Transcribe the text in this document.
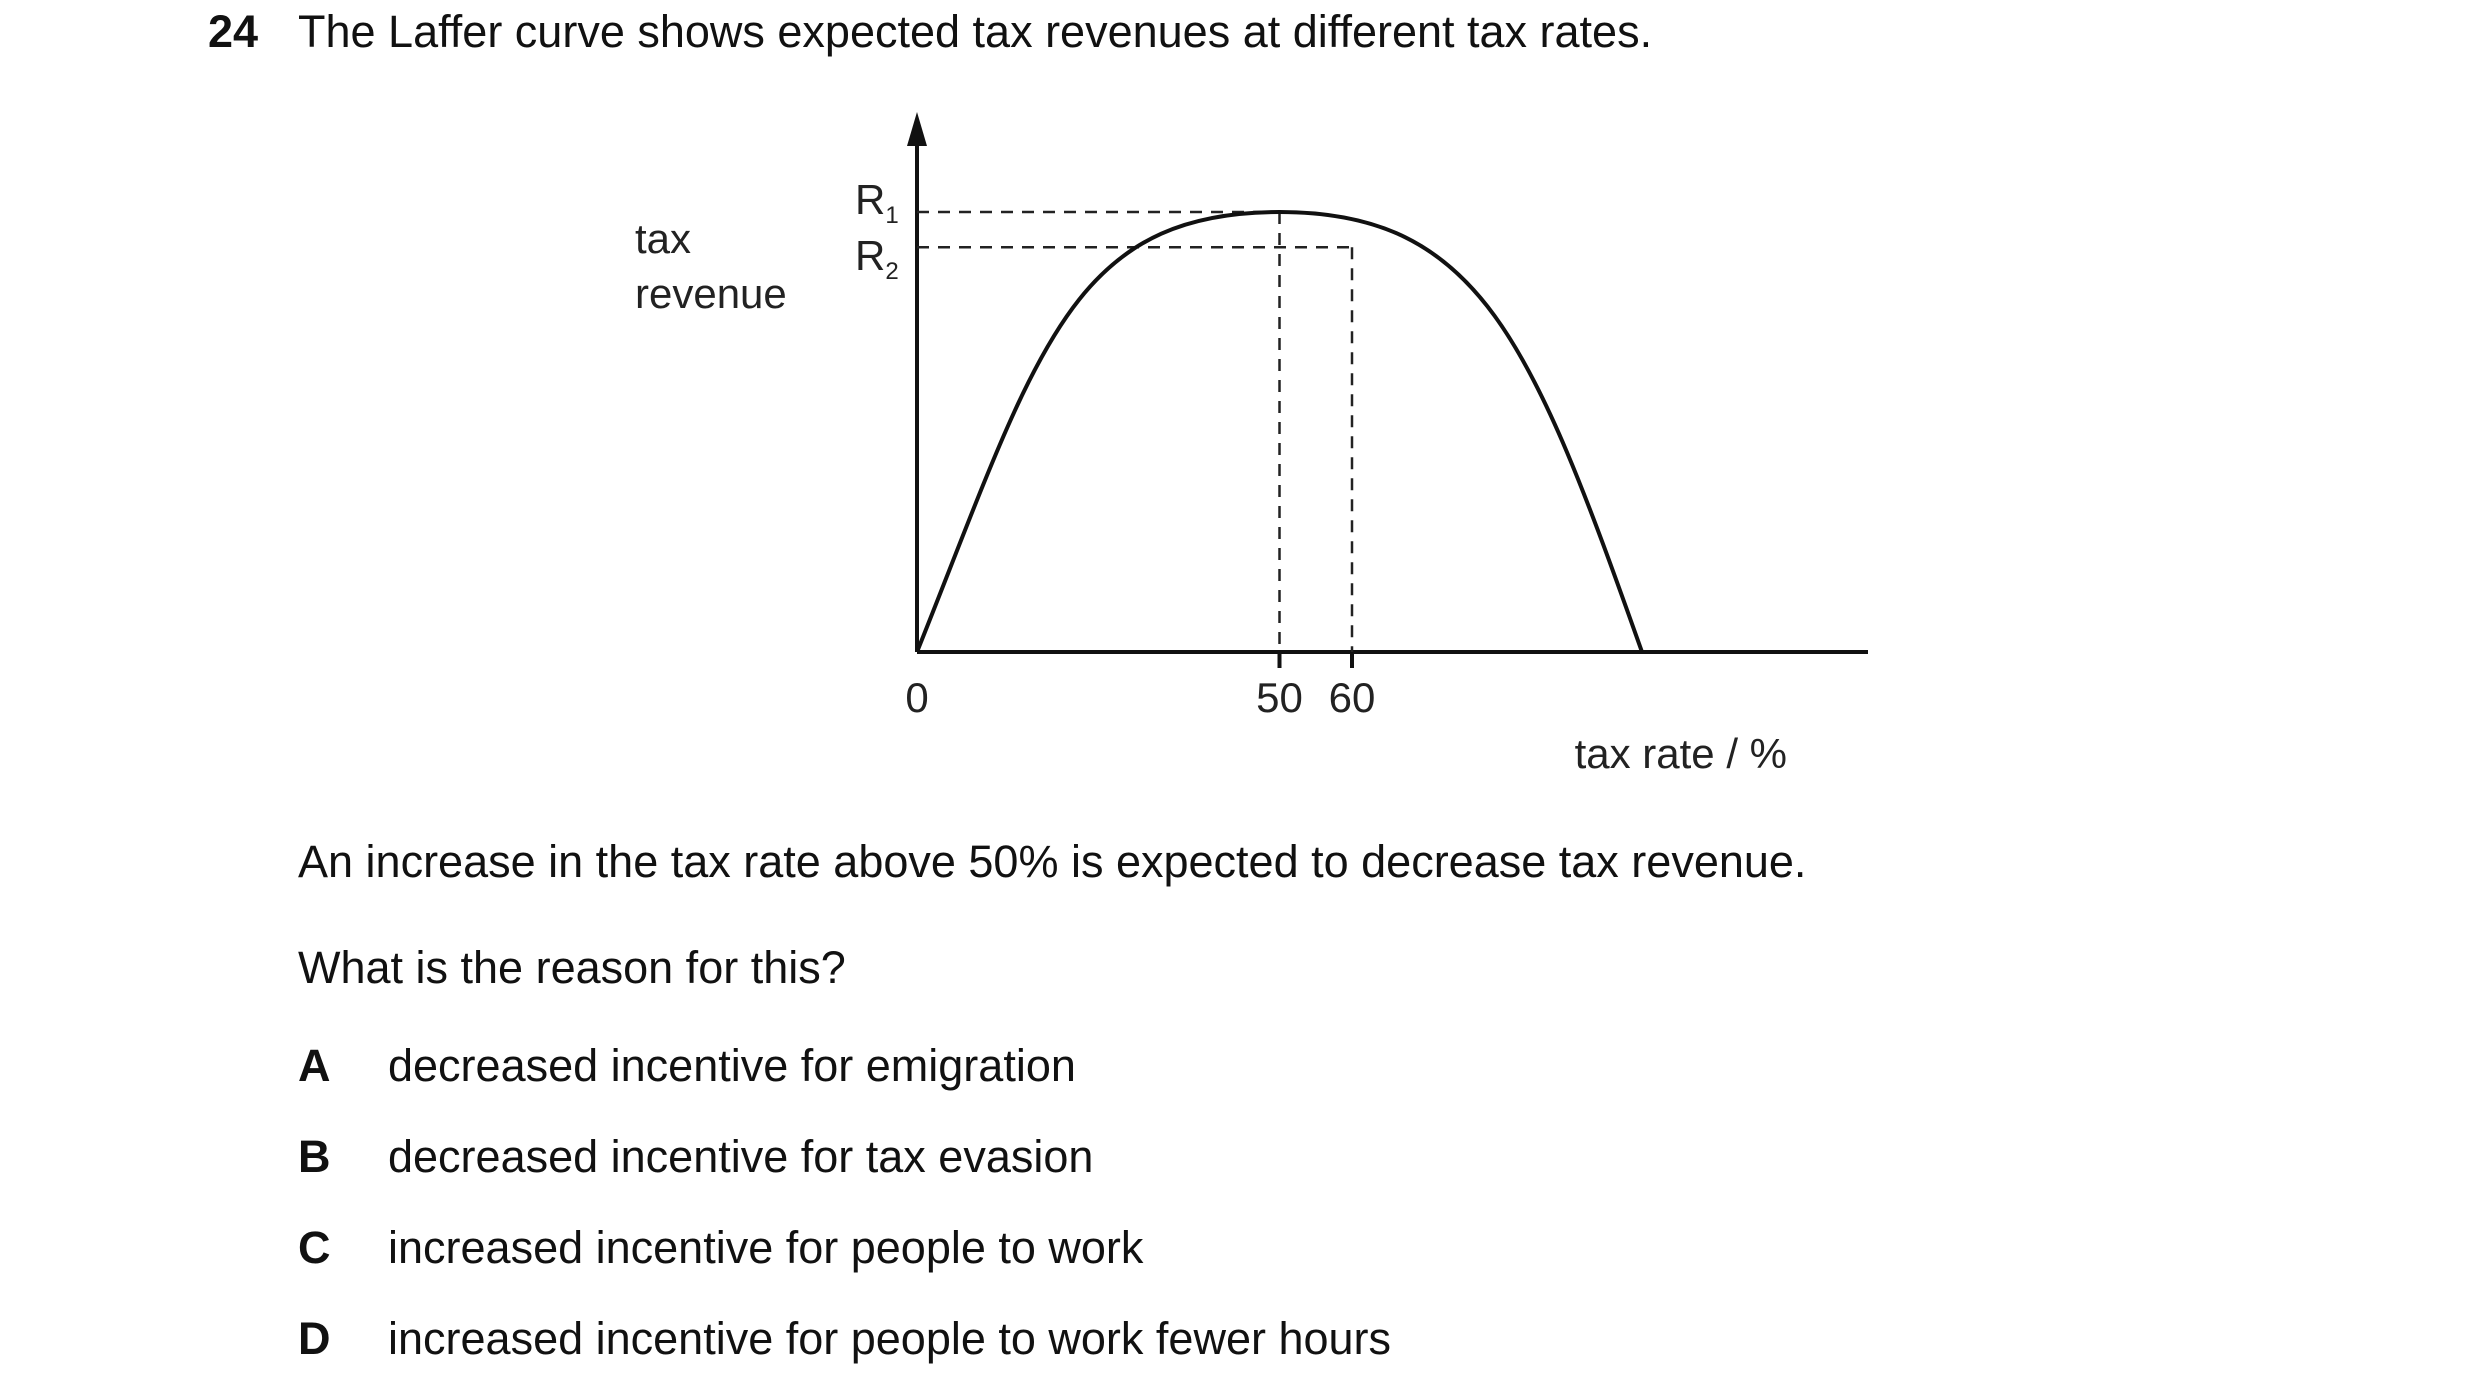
24 The Laffer curve shows expected tax revenues at different tax rates.
tax
revenue
$R_1$
$R_2$
0	50 60
tax rate / %
An increase in the tax rate above 50% is expected to decrease tax revenue.
What is the reason for this?
A decreased incentive for emigration
B decreased incentive for tax evasion
C increased incentive for people to work
D increased incentive for people to work fewer hours
